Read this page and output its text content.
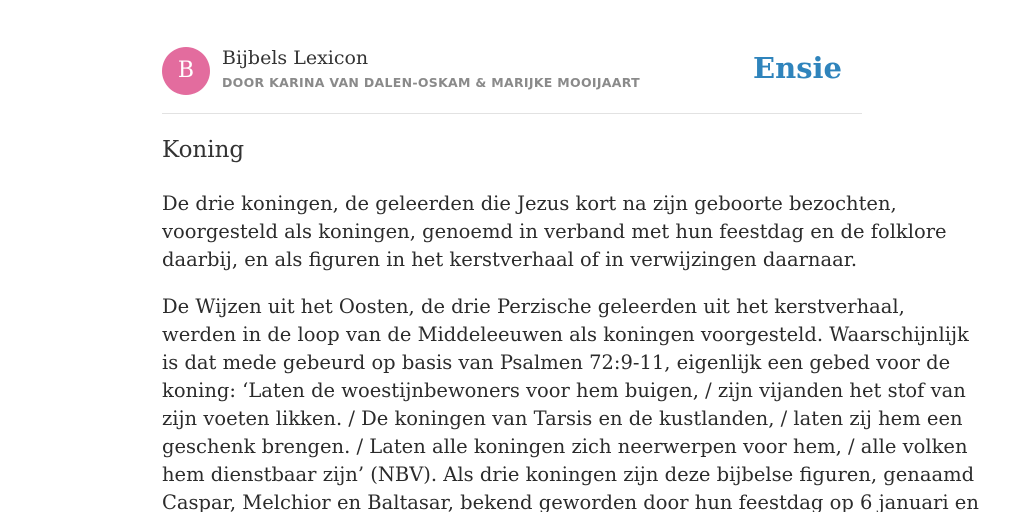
B	Bijbels Lexicon
DOOR KARINA VAN DALEN-OSKAM & MARIJKE MOOIJAART	Ensie
Koning

De drie koningen, de geleerden die Jezus kort na zijn geboorte bezochten,
voorgesteld als koningen, genoemd in verband met hun feestdag en de folklore
daarbij, en als figuren in het kerstverhaal of in verwijzingen daarnaar.

De Wijzen uit het Oosten, de drie Perzische geleerden uit het kerstverhaal,
werden in de loop van de Middeleeuwen als koningen voorgesteld. Waarschijnlijk
is dat mede gebeurd op basis van Psalmen 72:9-11, eigenlijk een gebed voor de
koning: ‘Laten de woestijnbewoners voor hem buigen, / zijn vijanden het stof van
zijn voeten likken. / De koningen van Tarsis en de kustlanden, / laten zij hem een
geschenk brengen. / Laten alle koningen zich neerwerpen voor hem, / alle volken
hem dienstbaar zijn’ (NBV). Als drie koningen zijn deze bijbelse figuren, genaamd
Caspar, Melchior en Baltasar, bekend geworden door hun feestdag op 6 januari en
